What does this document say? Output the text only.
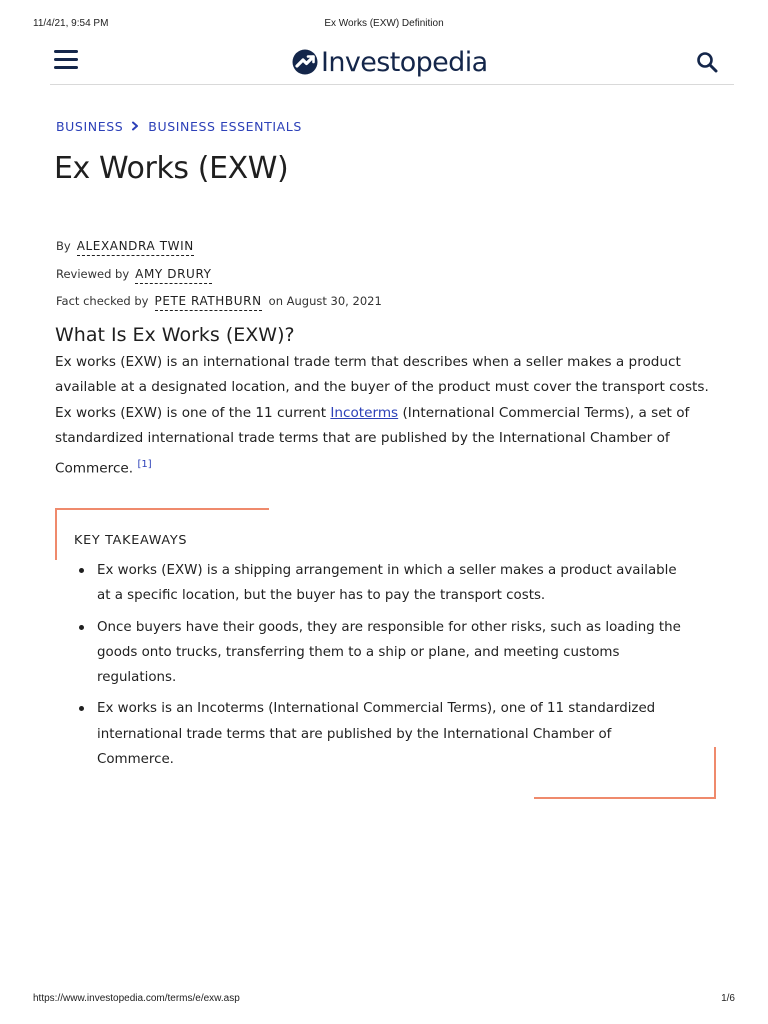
11/4/21, 9:54 PM	Ex Works (EXW) Definition
Investopedia
BUSINESS BUSINESS ESSENTIALS
Ex Works (EXW)
By ALEXANDRA TWIN
Reviewed by AMY DRURY
Fact checked by PETE RATHBURN on August 30, 2021
What Is Ex Works (EXW)?

Ex works (EXW) is an international trade term that describes when a seller makes a product available at a designated location, and the buyer of the product must cover the transport costs. Ex works (EXW) is one of the 11 current Incoterms (International Commercial Terms), a set of standardized international trade terms that are published by the International Chamber of Commerce. [1]

KEY TAKEAWAYS
Ex works (EXW) is a shipping arrangement in which a seller makes a product available at a specific location, but the buyer has to pay the transport costs.
Once buyers have their goods, they are responsible for other risks, such as loading the goods onto trucks, transferring them to a ship or plane, and meeting customs regulations.
Ex works is an Incoterms (International Commercial Terms), one of 11 standardized international trade terms that are published by the International Chamber of Commerce.
https://www.investopedia.com/terms/e/exw.asp	1/6
